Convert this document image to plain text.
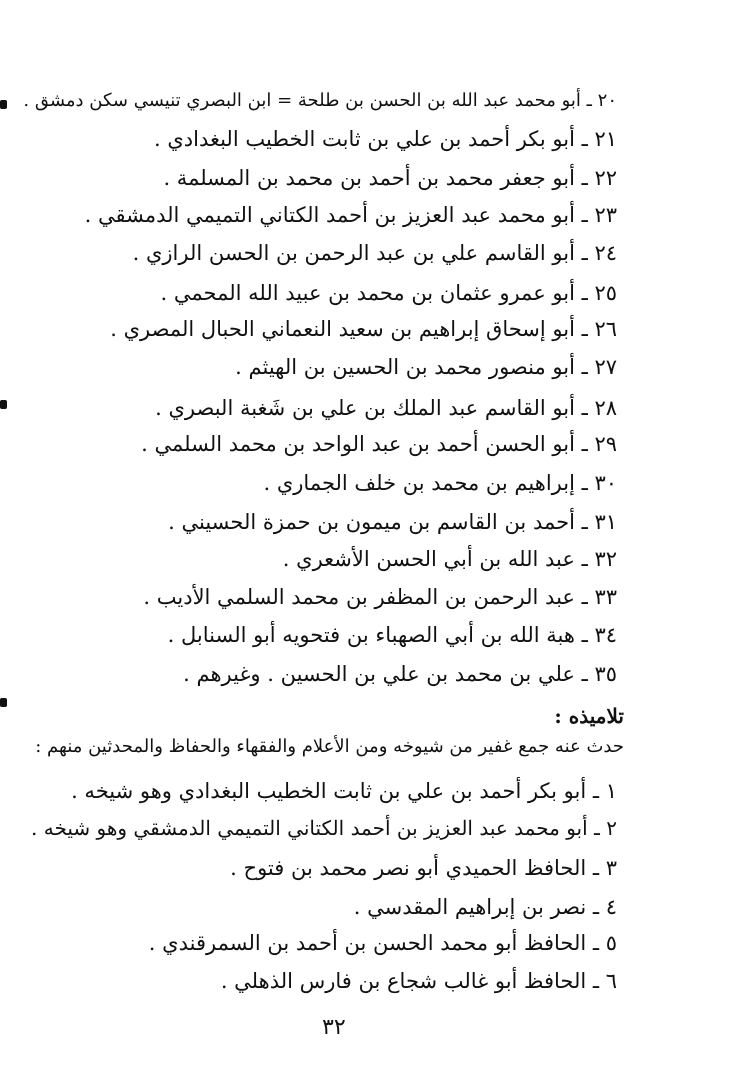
٢٠ ـ أبو محمد عبد الله بن الحسن بن طلحة = ابن البصري تنيسي سكن دمشق .
٢١ ـ أبو بكر أحمد بن علي بن ثابت الخطيب البغدادي .
٢٢ ـ أبو جعفر محمد بن أحمد بن محمد بن المسلمة .
٢٣ ـ أبو محمد عبد العزيز بن أحمد الكتاني التميمي الدمشقي .
٢٤ ـ أبو القاسم علي بن عبد الرحمن بن الحسن الرازي .
٢٥ ـ أبو عمرو عثمان بن محمد بن عبيد الله المحمي .
٢٦ ـ أبو إسحاق إبراهيم بن سعيد النعماني الحبال المصري .
٢٧ ـ أبو منصور محمد بن الحسين بن الهيثم .
٢٨ ـ أبو القاسم عبد الملك بن علي بن شَغبة البصري .
٢٩ ـ أبو الحسن أحمد بن عبد الواحد بن محمد السلمي .
٣٠ ـ إبراهيم بن محمد بن خلف الجماري .
٣١ ـ أحمد بن القاسم بن ميمون بن حمزة الحسيني .
٣٢ ـ عبد الله بن أبي الحسن الأشعري .
٣٣ ـ عبد الرحمن بن المظفر بن محمد السلمي الأديب .
٣٤ ـ هبة الله بن أبي الصهباء بن فتحويه أبو السنابل .
٣٥ ـ علي بن محمد بن علي بن الحسين . وغيرهم .
تلاميذه :
حدث عنه جمع غفير من شيوخه ومن الأعلام والفقهاء والحفاظ والمحدثين منهم :
١ ـ أبو بكر أحمد بن علي بن ثابت الخطيب البغدادي وهو شيخه .
٢ ـ أبو محمد عبد العزيز بن أحمد الكتاني التميمي الدمشقي وهو شيخه .
٣ ـ الحافظ الحميدي أبو نصر محمد بن فتوح .
٤ ـ نصر بن إبراهيم المقدسي .
٥ ـ الحافظ أبو محمد الحسن بن أحمد بن السمرقندي .
٦ ـ الحافظ أبو غالب شجاع بن فارس الذهلي .
٣٢
